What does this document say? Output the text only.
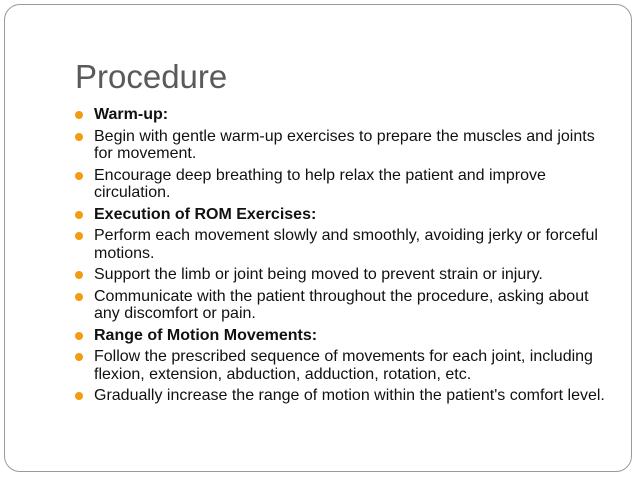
Procedure
Warm-up:
Begin with gentle warm-up exercises to prepare the muscles and joints for movement.
Encourage deep breathing to help relax the patient and improve circulation.
Execution of ROM Exercises:
Perform each movement slowly and smoothly, avoiding jerky or forceful motions.
Support the limb or joint being moved to prevent strain or injury.
Communicate with the patient throughout the procedure, asking about any discomfort or pain.
Range of Motion Movements:
Follow the prescribed sequence of movements for each joint, including flexion, extension, abduction, adduction, rotation, etc.
Gradually increase the range of motion within the patient's comfort level.
